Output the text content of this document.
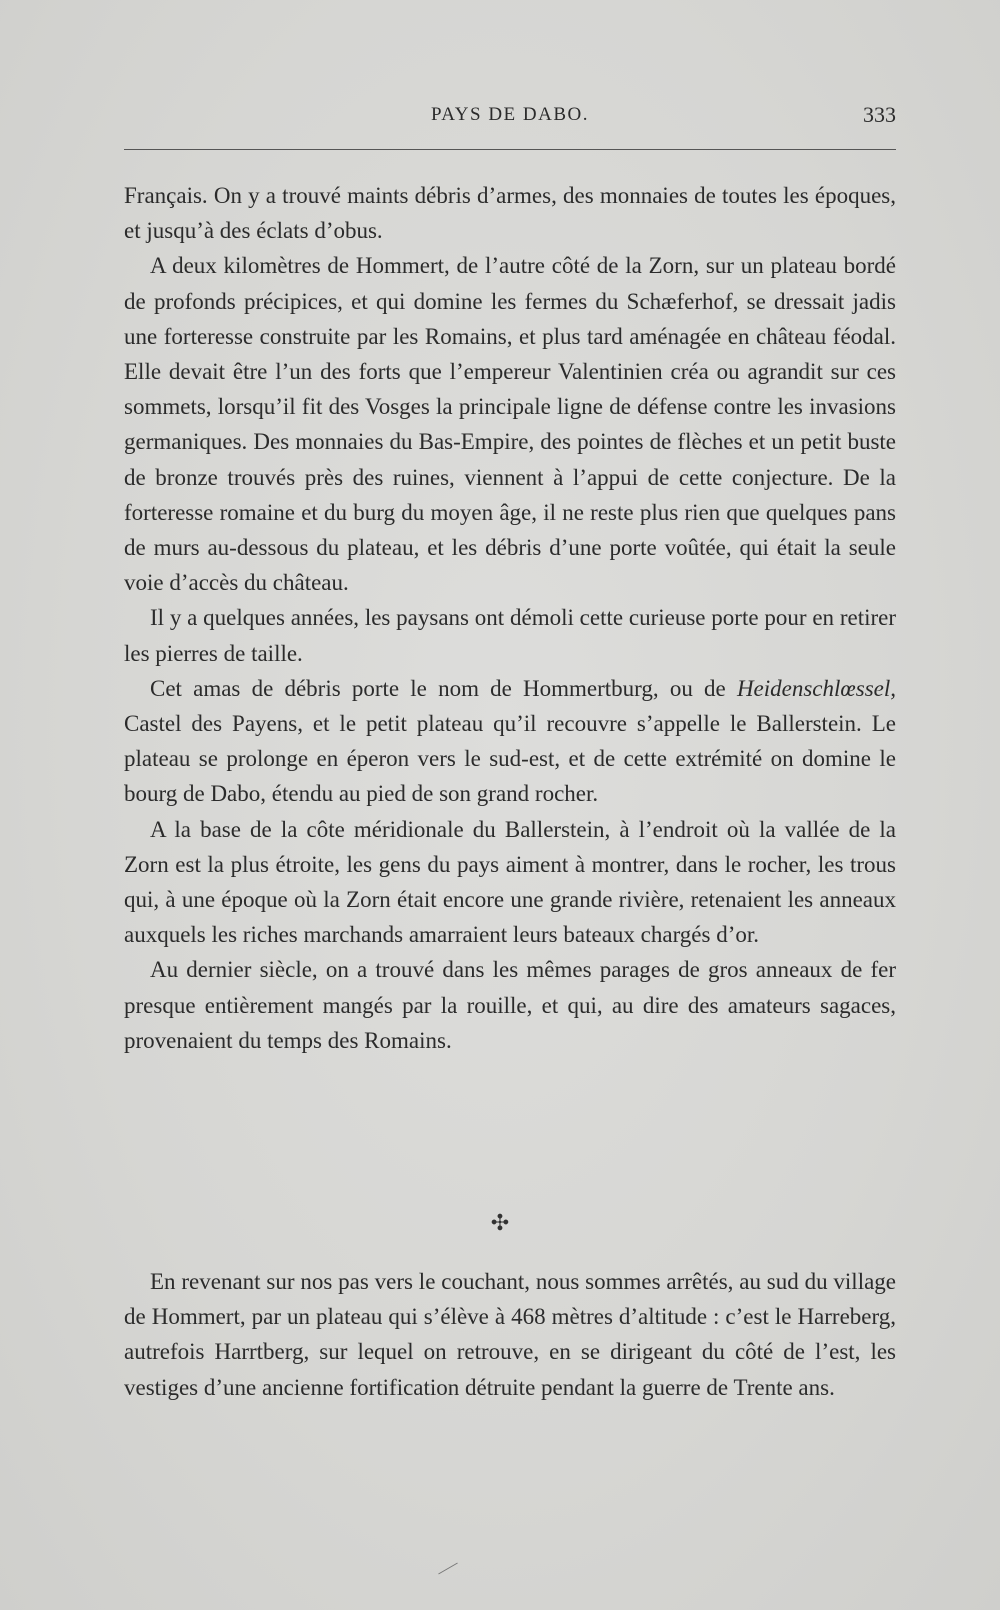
PAYS DE DABO.	333

Français. On y a trouvé maints débris d’armes, des monnaies de toutes les époques, et jusqu’à des éclats d’obus.

A deux kilomètres de Hommert, de l’autre côté de la Zorn, sur un plateau bordé de profonds précipices, et qui domine les fermes du Schæferhof, se dressait jadis une forteresse construite par les Romains, et plus tard aménagée en château féodal. Elle devait être l’un des forts que l’empereur Valentinien créa ou agrandit sur ces sommets, lorsqu’il fit des Vosges la principale ligne de défense contre les invasions germaniques. Des monnaies du Bas-Empire, des pointes de flèches et un petit buste de bronze trouvés près des ruines, viennent à l’appui de cette conjecture. De la forteresse romaine et du burg du moyen âge, il ne reste plus rien que quelques pans de murs au-dessous du plateau, et les débris d’une porte voûtée, qui était la seule voie d’accès du château.

Il y a quelques années, les paysans ont démoli cette curieuse porte pour en retirer les pierres de taille.

Cet amas de débris porte le nom de Hommertburg, ou de Heidenschlœssel, Castel des Payens, et le petit plateau qu’il recouvre s’appelle le Ballerstein. Le plateau se prolonge en éperon vers le sud-est, et de cette extrémité on domine le bourg de Dabo, étendu au pied de son grand rocher.

A la base de la côte méridionale du Ballerstein, à l’endroit où la vallée de la Zorn est la plus étroite, les gens du pays aiment à montrer, dans le rocher, les trous qui, à une époque où la Zorn était encore une grande rivière, retenaient les anneaux auxquels les riches marchands amarraient leurs bateaux chargés d’or.

Au dernier siècle, on a trouvé dans les mêmes parages de gros anneaux de fer presque entièrement mangés par la rouille, et qui, au dire des amateurs sagaces, provenaient du temps des Romains.

✣

En revenant sur nos pas vers le couchant, nous sommes arrêtés, au sud du village de Hommert, par un plateau qui s’élève à 468 mètres d’altitude : c’est le Harreberg, autrefois Harrtberg, sur lequel on retrouve, en se dirigeant du côté de l’est, les vestiges d’une ancienne fortification détruite pendant la guerre de Trente ans.
